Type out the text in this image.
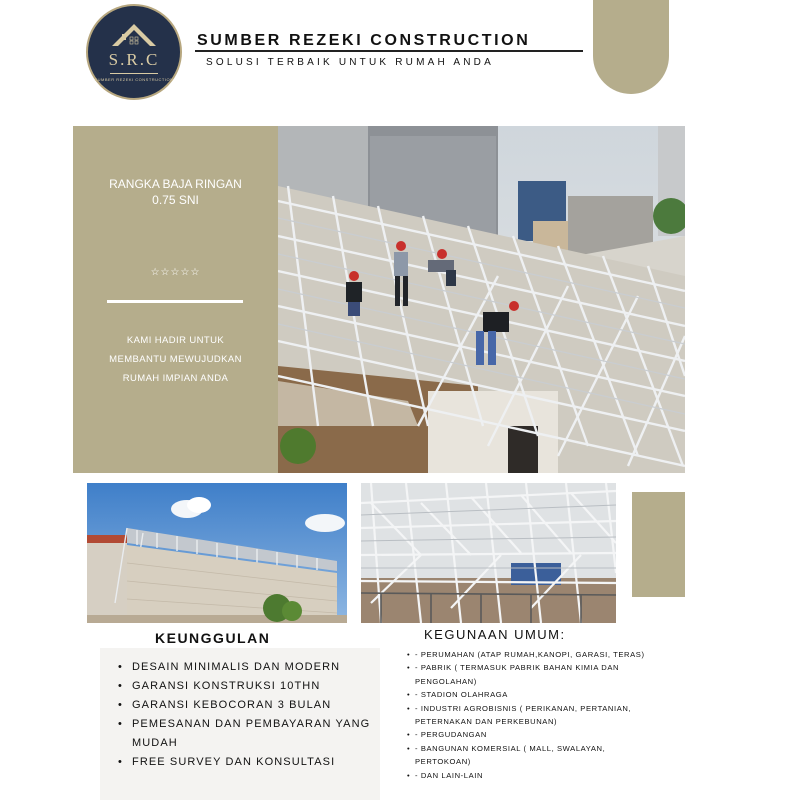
S.R.C
SUMBER REZEKI CONSTRUCTION
SUMBER REZEKI CONSTRUCTION
SOLUSI TERBAIK UNTUK RUMAH ANDA
RANGKA BAJA RINGAN
0.75 SNI
☆☆☆☆☆
KAMI HADIR UNTUK
MEMBANTU MEWUJUDKAN
RUMAH IMPIAN ANDA
KEUNGGULAN
• DESAIN MINIMALIS DAN MODERN
• GARANSI KONSTRUKSI 10THN
• GARANSI KEBOCORAN 3 BULAN
• PEMESANAN DAN PEMBAYARAN YANG MUDAH
• FREE SURVEY DAN KONSULTASI
KEGUNAAN UMUM:
• - PERUMAHAN (ATAP RUMAH,KANOPI, GARASI, TERAS)
• - PABRIK ( TERMASUK PABRIK BAHAN KIMIA DAN PENGOLAHAN)
• - STADION OLAHRAGA
• - INDUSTRI AGROBISNIS ( PERIKANAN, PERTANIAN, PETERNAKAN DAN PERKEBUNAN)
• - PERGUDANGAN
• - BANGUNAN KOMERSIAL ( MALL, SWALAYAN, PERTOKOAN)
• - DAN LAIN-LAIN
